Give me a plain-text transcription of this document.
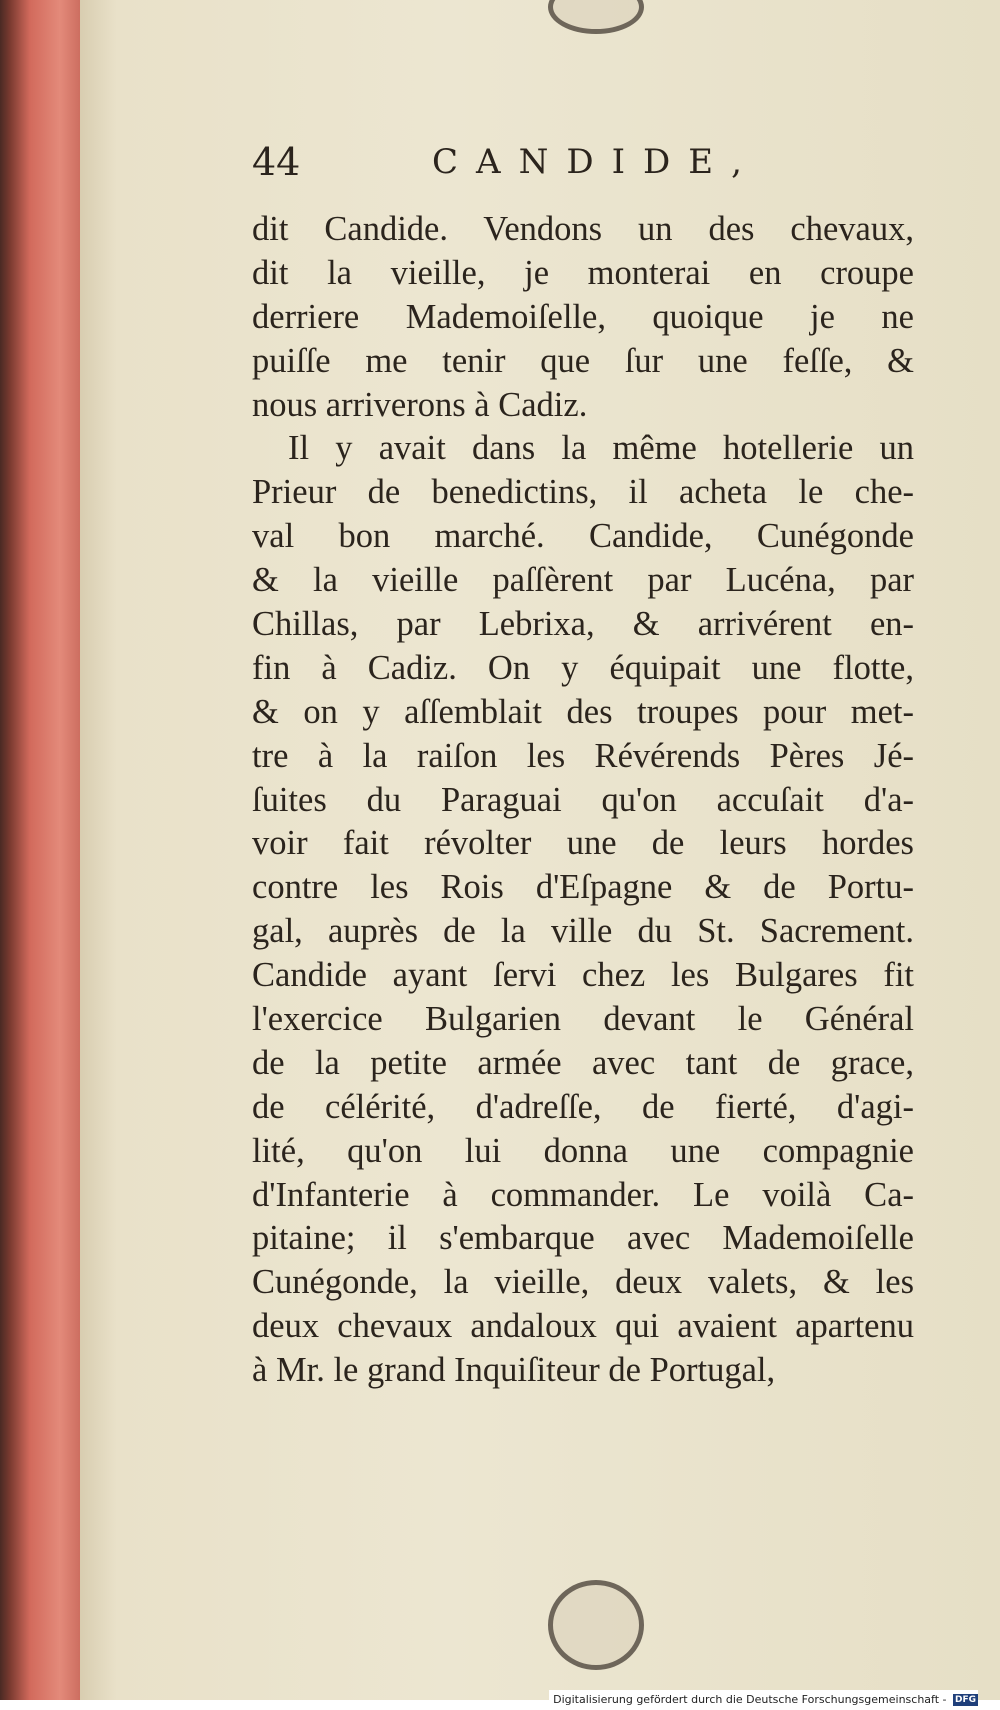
44	CANDIDE,
dit Candide. Vendons un des chevaux,
dit la vieille, je monterai en croupe
derriere Mademoiſelle, quoique je ne
puiſſe me tenir que ſur une feſſe, &
nous arriverons à Cadiz.
Il y avait dans la même hotellerie un
Prieur de benedictins, il acheta le che-
val bon marché. Candide, Cunégonde
& la vieille paſſèrent par Lucéna, par
Chillas, par Lebrixa, & arrivérent en-
fin à Cadiz. On y équipait une flotte,
& on y aſſemblait des troupes pour met-
tre à la raiſon les Révérends Pères Jé-
ſuites du Paraguai qu'on accuſait d'a-
voir fait révolter une de leurs hordes
contre les Rois d'Eſpagne & de Portu-
gal, auprès de la ville du St. Sacrement.
Candide ayant ſervi chez les Bulgares fit
l'exercice Bulgarien devant le Général
de la petite armée avec tant de grace,
de célérité, d'adreſſe, de fierté, d'agi-
lité, qu'on lui donna une compagnie
d'Infanterie à commander. Le voilà Ca-
pitaine; il s'embarque avec Mademoiſelle
Cunégonde, la vieille, deux valets, & les
deux chevaux andaloux qui avaient apartenu
à Mr. le grand Inquiſiteur de Portugal,
Digitalisierung gefördert durch die Deutsche Forschungsgemeinschaft - DFG
